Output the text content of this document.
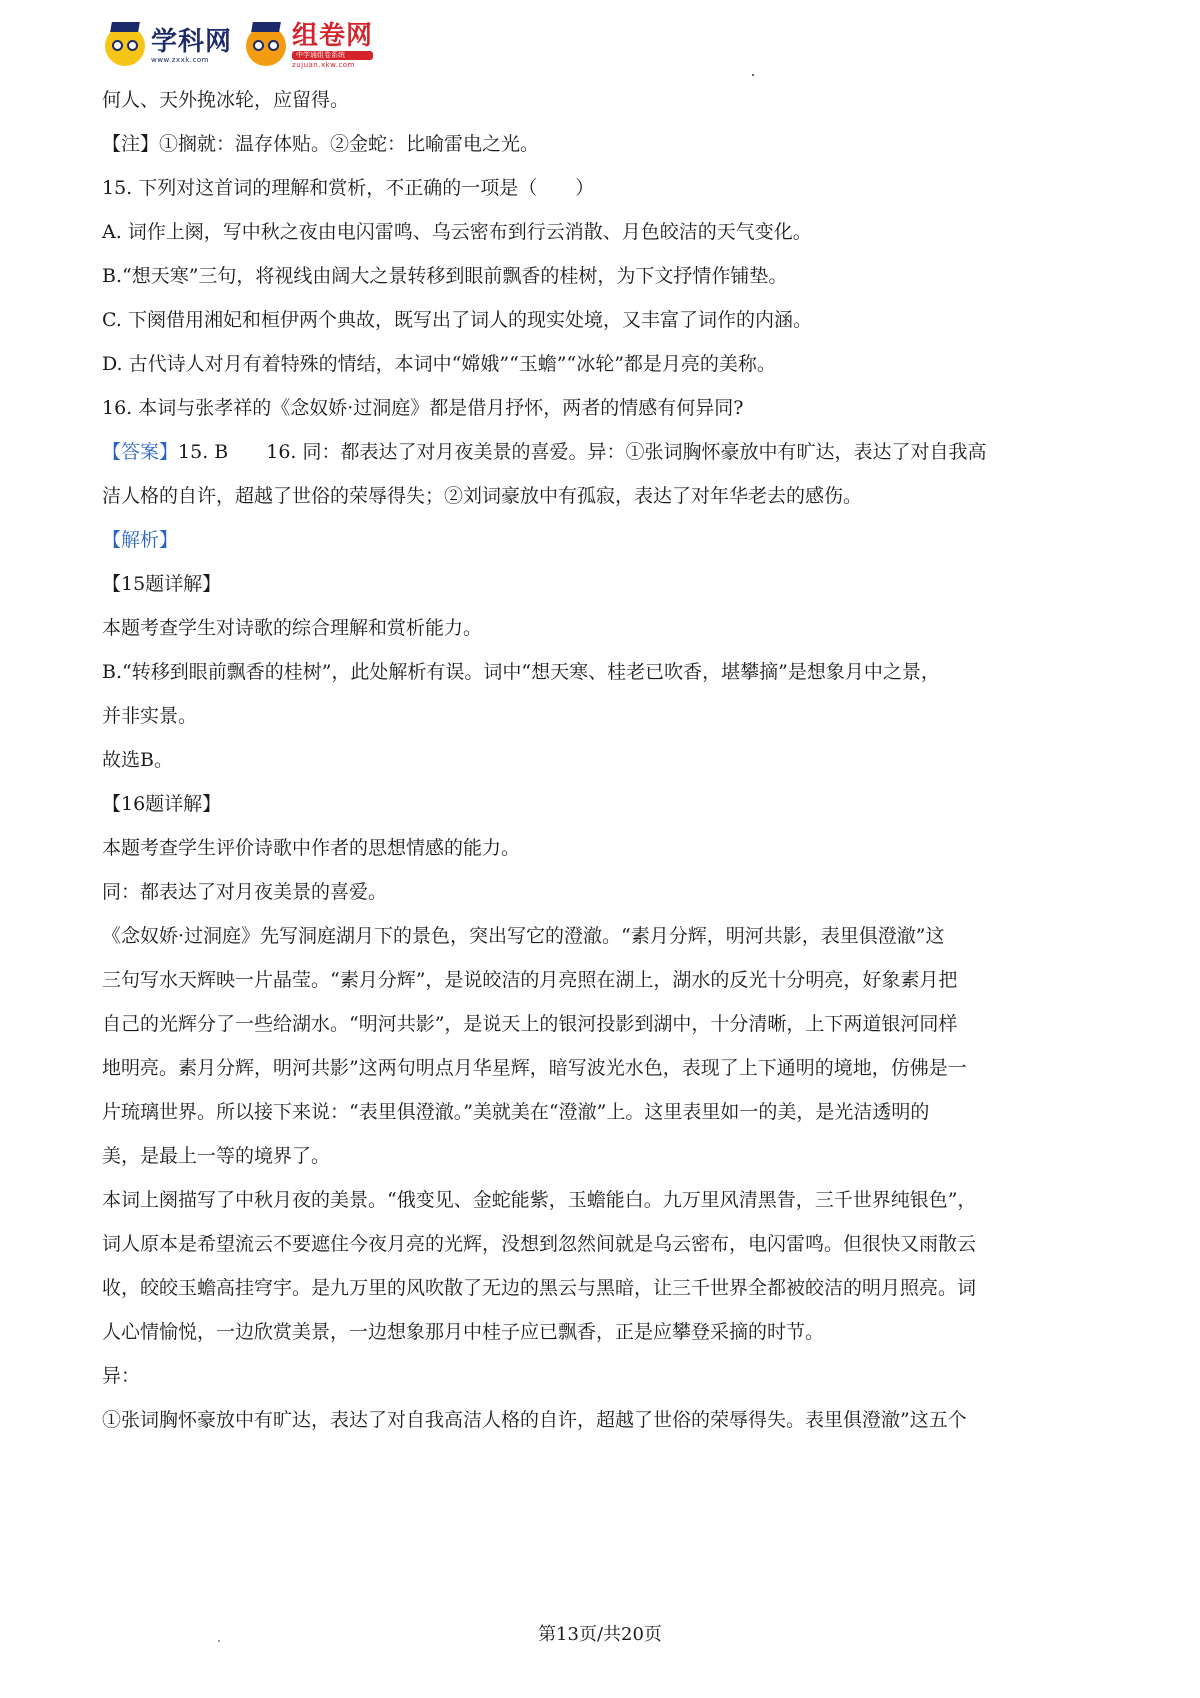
学科网
www.zxxk.com
组卷网
中学通组卷系统
zujuan.xkw.com

何人、天外挽冰轮，应留得。

【注】①搁就：温存体贴。②金蛇：比喻雷电之光。

15. 下列对这首词的理解和赏析，不正确的一项是（　　）

A. 词作上阕，写中秋之夜由电闪雷鸣、乌云密布到行云消散、月色皎洁的天气变化。

B.“想天寒”三句，将视线由阔大之景转移到眼前飘香的桂树，为下文抒情作铺垫。

C. 下阕借用湘妃和桓伊两个典故，既写出了词人的现实处境，又丰富了词作的内涵。

D. 古代诗人对月有着特殊的情结，本词中“嫦娥”“玉蟾”“冰轮”都是月亮的美称。

16. 本词与张孝祥的《念奴娇·过洞庭》都是借月抒怀，两者的情感有何异同?

【答案】15. B　　16. 同：都表达了对月夜美景的喜爱。异：①张词胸怀豪放中有旷达，表达了对自我高

洁人格的自许，超越了世俗的荣辱得失；②刘词豪放中有孤寂，表达了对年华老去的感伤。

【解析】

【15题详解】

本题考查学生对诗歌的综合理解和赏析能力。

B.“转移到眼前飘香的桂树”，此处解析有误。词中“想天寒、桂老已吹香，堪攀摘”是想象月中之景，

并非实景。

故选B。

【16题详解】

本题考查学生评价诗歌中作者的思想情感的能力。

同：都表达了对月夜美景的喜爱。

《念奴娇·过洞庭》先写洞庭湖月下的景色，突出写它的澄澈。“素月分辉，明河共影，表里俱澄澈”这

三句写水天辉映一片晶莹。“素月分辉”，是说皎洁的月亮照在湖上，湖水的反光十分明亮，好象素月把

自己的光辉分了一些给湖水。“明河共影”，是说天上的银河投影到湖中，十分清晰，上下两道银河同样

地明亮。素月分辉，明河共影”这两句明点月华星辉，暗写波光水色，表现了上下通明的境地，仿佛是一

片琉璃世界。所以接下来说：“表里俱澄澈。”美就美在“澄澈”上。这里表里如一的美，是光洁透明的

美，是最上一等的境界了。

本词上阕描写了中秋月夜的美景。“俄变见、金蛇能紫，玉蟾能白。九万里风清黑眚，三千世界纯银色”，

词人原本是希望流云不要遮住今夜月亮的光辉，没想到忽然间就是乌云密布，电闪雷鸣。但很快又雨散云

收，皎皎玉蟾高挂穹宇。是九万里的风吹散了无边的黑云与黑暗，让三千世界全都被皎洁的明月照亮。词

人心情愉悦，一边欣赏美景，一边想象那月中桂子应已飘香，正是应攀登采摘的时节。

异：

①张词胸怀豪放中有旷达，表达了对自我高洁人格的自许，超越了世俗的荣辱得失。表里俱澄澈”这五个

第13页/共20页
